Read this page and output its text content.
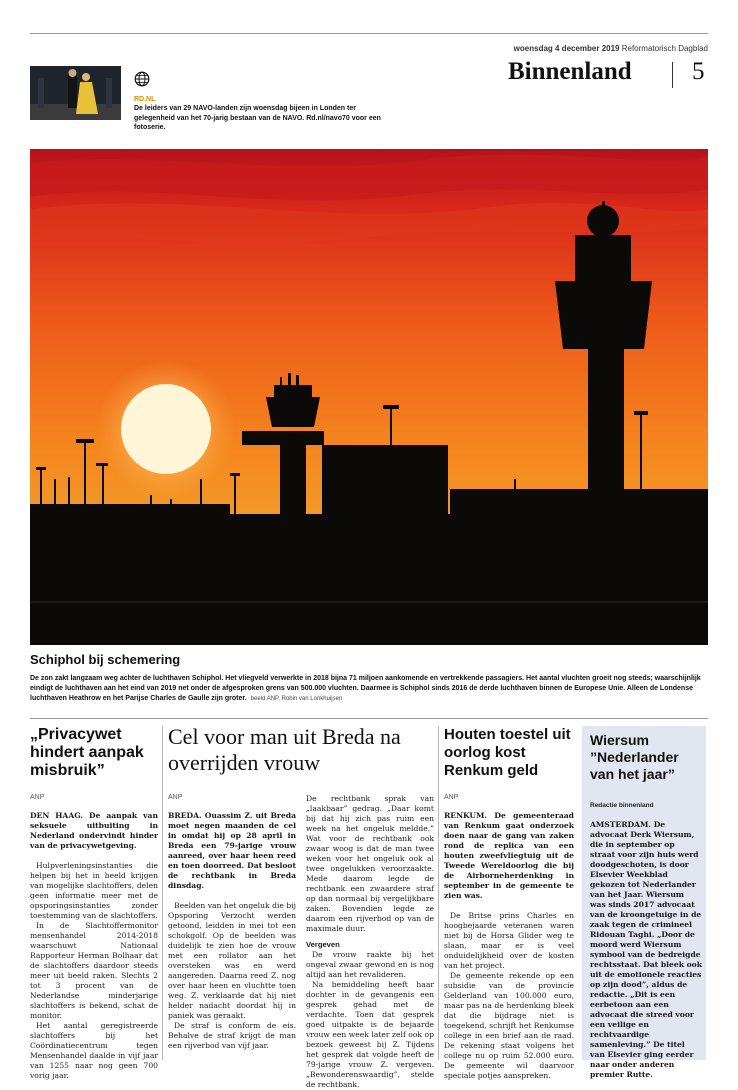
woensdag 4 december 2019 Reformatorisch Dagblad
Binnenland 5
RD.NL
De leiders van 29 NAVO-landen zijn woensdag bijeen in Londen ter gelegenheid van het 70-jarig bestaan van de NAVO. Rd.nl/navo70 voor een fotoserie.
Schiphol bij schemering
De zon zakt langzaam weg achter de luchthaven Schiphol. Het vliegveld verwerkte in 2018 bijna 71 miljoen aankomende en vertrekkende passagiers. Het aantal vluchten groeit nog steeds; waarschijnlijk eindigt de luchthaven aan het eind van 2019 net onder de afgesproken grens van 500.000 vluchten. Daarmee is Schiphol sinds 2016 de derde luchthaven binnen de Europese Unie. Alleen de Londense luchthaven Heathrow en het Parijse Charles de Gaulle zijn groter. beeld ANP, Robin van Lonkhuijsen
„Privacywet hindert aanpak misbruik”
ANP

DEN HAAG. De aanpak van seksuele uitbuiting in Nederland ondervindt hinder van de privacywetgeving.

Hulpverleningsinstanties die helpen bij het in beeld krijgen van mogelijke slachtoffers, delen geen informatie meer met de opsporingsinstanties zonder toestemming van de slachtoffers.

In de Slachtoffermonitor mensenhandel 2014-2018 waarschuwt Nationaal Rapporteur Herman Bolhaar dat de slachtoffers daardoor steeds meer uit beeld raken. Slechts 2 tot 3 procent van de Nederlandse minderjarige slachtoffers is bekend, schat de monitor.

Het aantal geregistreerde slachtoffers bij het Coördinatiecentrum tegen Mensenhandel daalde in vijf jaar van 1255 naar nog geen 700 vorig jaar.

Cel voor man uit Breda na overrijden vrouw
ANP

BREDA. Ouassim Z. uit Breda moet negen maanden de cel in omdat hij op 28 april in Breda een 79-jarige vrouw aanreed, over haar heen reed en toen doorreed. Dat besloot de rechtbank in Breda dinsdag.

Beelden van het ongeluk die bij Opsporing Verzocht werden getoond, leidden in mei tot een schokgolf. Op de beelden was duidelijk te zien hoe de vrouw met een rollator aan het oversteken was en werd aangereden. Daarna reed Z. nog over haar heen en vluchtte toen weg. Z. verklaarde dat hij niet helder nadacht doordat hij in paniek was geraakt.

De straf is conform de eis. Behalve de straf krijgt de man een rijverbod van vijf jaar.

De rechtbank sprak van „laakbaar” gedrag. „Daar komt bij dat hij zich pas ruim een week na het ongeluk meldde.” Wat voor de rechtbank ook zwaar woog is dat de man twee weken voor het ongeluk ook al twee ongelukken veroorzaakte. Mede daarom legde de rechtbank een zwaardere straf op dan normaal bij vergelijkbare zaken. Bovendien legde ze daarom een rijverbod op van de maximale duur.

Vergeven

De vrouw raakte bij het ongeval zwaar gewond en is nog altijd aan het revalideren.

Na bemiddeling heeft haar dochter in de gevangenis een gesprek gehad met de verdachte. Toen dat gesprek goed uitpakte is de bejaarde vrouw een week later zelf ook op bezoek geweest bij Z. Tijdens het gesprek dat volgde heeft de 79-jarige vrouw Z. vergeven. „Bewonderenswaardig”, stelde de rechtbank.

Houten toestel uit oorlog kost Renkum geld
ANP

RENKUM. De gemeenteraad van Renkum gaat onderzoek doen naar de gang van zaken rond de replica van een houten zweefvliegtuig uit de Tweede Wereldoorlog die bij de Airborneherdenking in september in de gemeente te zien was.

De Britse prins Charles en hoogbejaarde veteranen waren niet bij de Horsa Glider weg te slaan, maar er is veel onduidelijkheid over de kosten van het project.

De gemeente rekende op een subsidie van de provincie Gelderland van 100.000 euro, maar pas na de herdenking bleek dat die bijdrage niet is toegekend, schrijft het Renkumse college in een brief aan de raad. De rekening staat volgens het college nu op ruim 52.000 euro. De gemeente wil daarvoor speciale potjes aanspreken.

Wiersum ”Nederlander van het jaar”
Redactie binnenland
AMSTERDAM. De advocaat Derk Wiersum, die in september op straat voor zijn huis werd doodgeschoten, is door Elsevier Weekblad gekozen tot Nederlander van het Jaar. Wiersum was sinds 2017 advocaat van de kroongetuige in de zaak tegen de crimineel Ridouan Taghi. „Door de moord werd Wiersum symbool van de bedreigde rechtsstaat. Dat bleek ook uit de emotionele reacties op zijn dood”, aldus de redactie. „Dit is een eerbetoon aan een advocaat die streed voor een veilige en rechtvaardige samenleving.” De titel van Elsevier ging eerder naar onder anderen premier Rutte.
